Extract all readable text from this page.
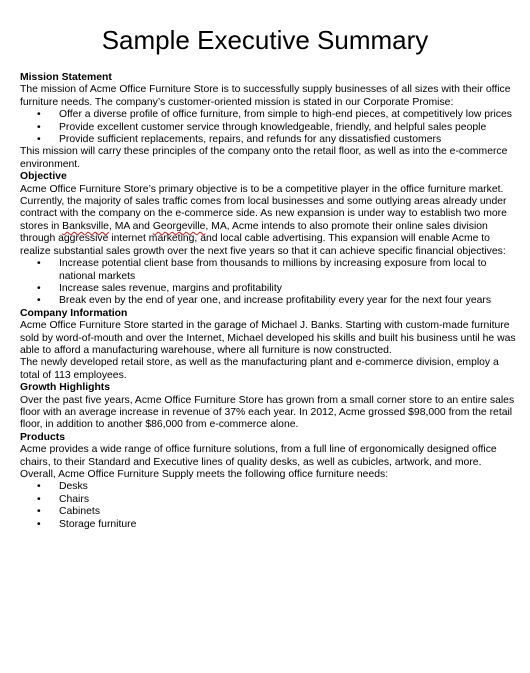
Sample Executive Summary

Mission Statement

The mission of Acme Office Furniture Store is to successfully supply businesses of all sizes with their office furniture needs. The company’s customer-oriented mission is stated in our Corporate Promise:

• Offer a diverse profile of office furniture, from simple to high-end pieces, at competitively low prices
• Provide excellent customer service through knowledgeable, friendly, and helpful sales people
• Provide sufficient replacements, repairs, and refunds for any dissatisfied customers

This mission will carry these principles of the company onto the retail floor, as well as into the e-commerce environment.

Objective

Acme Office Furniture Store’s primary objective is to be a competitive player in the office furniture market. Currently, the majority of sales traffic comes from local businesses and some outlying areas already under contract with the company on the e-commerce side. As new expansion is under way to establish two more stores in Banksville, MA and Georgeville, MA, Acme intends to also promote their online sales division through aggressive internet marketing, and local cable advertising. This expansion will enable Acme to realize substantial sales growth over the next five years so that it can achieve specific financial objectives:

• Increase potential client base from thousands to millions by increasing exposure from local to national markets
• Increase sales revenue, margins and profitability
• Break even by the end of year one, and increase profitability every year for the next four years

Company Information

Acme Office Furniture Store started in the garage of Michael J. Banks. Starting with custom-made furniture sold by word-of-mouth and over the Internet, Michael developed his skills and built his business until he was able to afford a manufacturing warehouse, where all furniture is now constructed.

The newly developed retail store, as well as the manufacturing plant and e-commerce division, employ a total of 113 employees.

Growth Highlights

Over the past five years, Acme Office Furniture Store has grown from a small corner store to an entire sales floor with an average increase in revenue of 37% each year. In 2012, Acme grossed $98,000 from the retail floor, in addition to another $86,000 from e-commerce alone.

Products

Acme provides a wide range of office furniture solutions, from a full line of ergonomically designed office chairs, to their Standard and Executive lines of quality desks, as well as cubicles, artwork, and more. Overall, Acme Office Furniture Supply meets the following office furniture needs:

• Desks
• Chairs
• Cabinets
• Storage furniture
